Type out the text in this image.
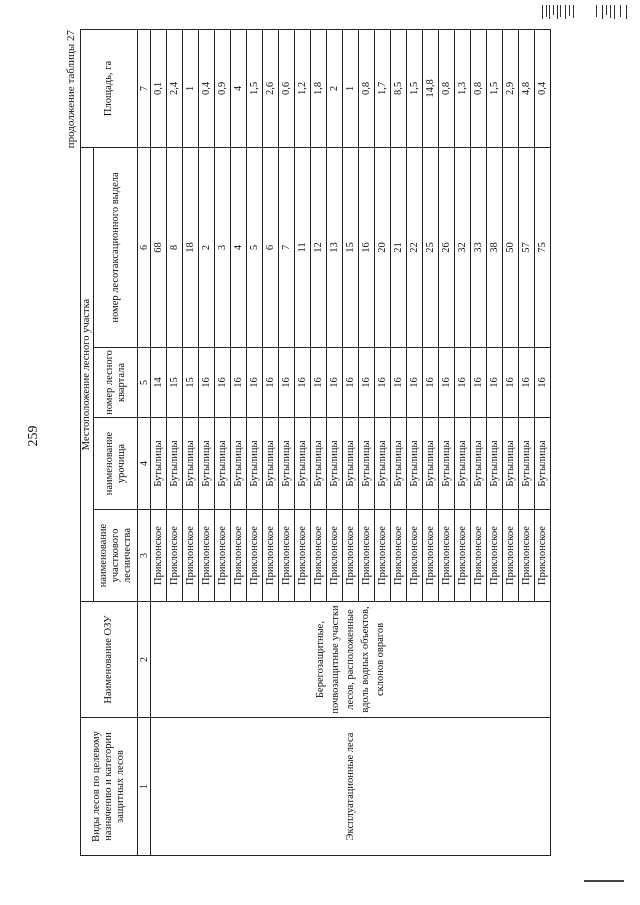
259
продолжение таблицы 27
Виды лесов по целевому назначению и категории защитных лесов	Наименование ОЗУ	Местоположение лесного участка				Площадь, га
		наименование участкового лесничества	наименование урочища	номер лесного квартала	номер лесотаксационного выдела	
1	2	3	4	5	6	7
Эксплуатационные леса	Берегозащитные, почвозащитные участки лесов, расположенные вдоль водных объектов, склонов оврагов	Приклонское	Бутылицы	14	68	0,1
		Приклонское	Бутылицы	15	8	2,4
		Приклонское	Бутылицы	15	18	1
		Приклонское	Бутылицы	16	2	0,4
		Приклонское	Бутылицы	16	3	0,9
		Приклонское	Бутылицы	16	4	4
		Приклонское	Бутылицы	16	5	1,5
		Приклонское	Бутылицы	16	6	2,6
		Приклонское	Бутылицы	16	7	0,6
		Приклонское	Бутылицы	16	11	1,2
		Приклонское	Бутылицы	16	12	1,8
		Приклонское	Бутылицы	16	13	2
		Приклонское	Бутылицы	16	15	1
		Приклонское	Бутылицы	16	16	0,8
		Приклонское	Бутылицы	16	20	1,7
		Приклонское	Бутылицы	16	21	8,5
		Приклонское	Бутылицы	16	22	1,5
		Приклонское	Бутылицы	16	25	14,8
		Приклонское	Бутылицы	16	26	0,8
		Приклонское	Бутылицы	16	32	1,3
		Приклонское	Бутылицы	16	33	0,8
		Приклонское	Бутылицы	16	38	1,5
		Приклонское	Бутылицы	16	50	2,9
		Приклонское	Бутылицы	16	57	4,8
		Приклонское	Бутылицы	16	75	0,4
